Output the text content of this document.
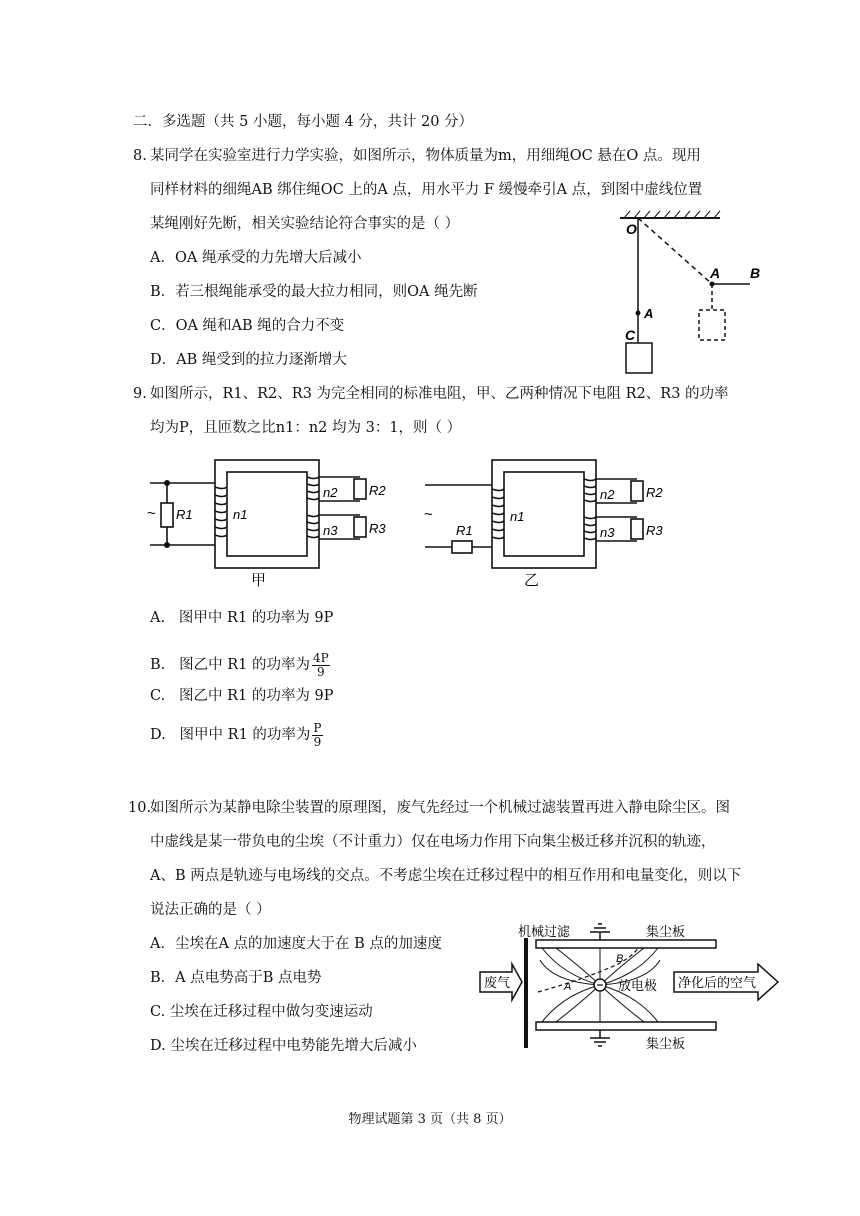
二．多选题（共 5 小题，每小题 4 分，共计 20 分）
8. 某同学在实验室进行力学实验，如图所示，物体质量为m，用细绳OC 悬在O 点。现用
同样材料的细绳AB 绑住绳OC 上的A 点，用水平力 F 缓慢牵引A 点，到图中虚线位置
某绳刚好先断，相关实验结论符合事实的是（ ）
A．OA 绳承受的力先增大后减小
B．若三根绳能承受的最大拉力相同，则OA 绳先断
C．OA 绳和AB 绳的合力不变
D．AB 绳受到的拉力逐渐增大
O
A
C
A B
9. 如图所示，R1、R2、R3 为完全相同的标准电阻，甲、乙两种情况下电阻 R2、R3 的功率
均为P，且匝数之比n1：n2 均为 3：1，则（ ）
~ R1	n1
n2
n3
R2
R3
甲
~
R1
n1
n2
n3
R2
R3
乙
A. 图甲中 R1 的功率为 9P
B. 图乙中 R1 的功率为 $\frac{4P}{9}$
C. 图乙中 R1 的功率为 9P
D. 图甲中 R1 的功率为 $\frac{P}{9}$
10.
如图所示为某静电除尘装置的原理图，废气先经过一个机械过滤装置再进入静电除尘区。图
中虚线是某一带负电的尘埃（不计重力）仅在电场力作用下向集尘极迁移并沉积的轨迹，
A、B 两点是轨迹与电场线的交点。不考虑尘埃在迁移过程中的相互作用和电量变化，则以下
说法正确的是（ ）
A．尘埃在A 点的加速度大于在 B 点的加速度
B．A 点电势高于B 点电势
C. 尘埃在迁移过程中做匀变速运动
D. 尘埃在迁移过程中电势能先增大后减小
机械过滤	集尘板
集尘板
废气	放电极 净化后的空气
A
B
物理试题第 3 页（共 8 页）
